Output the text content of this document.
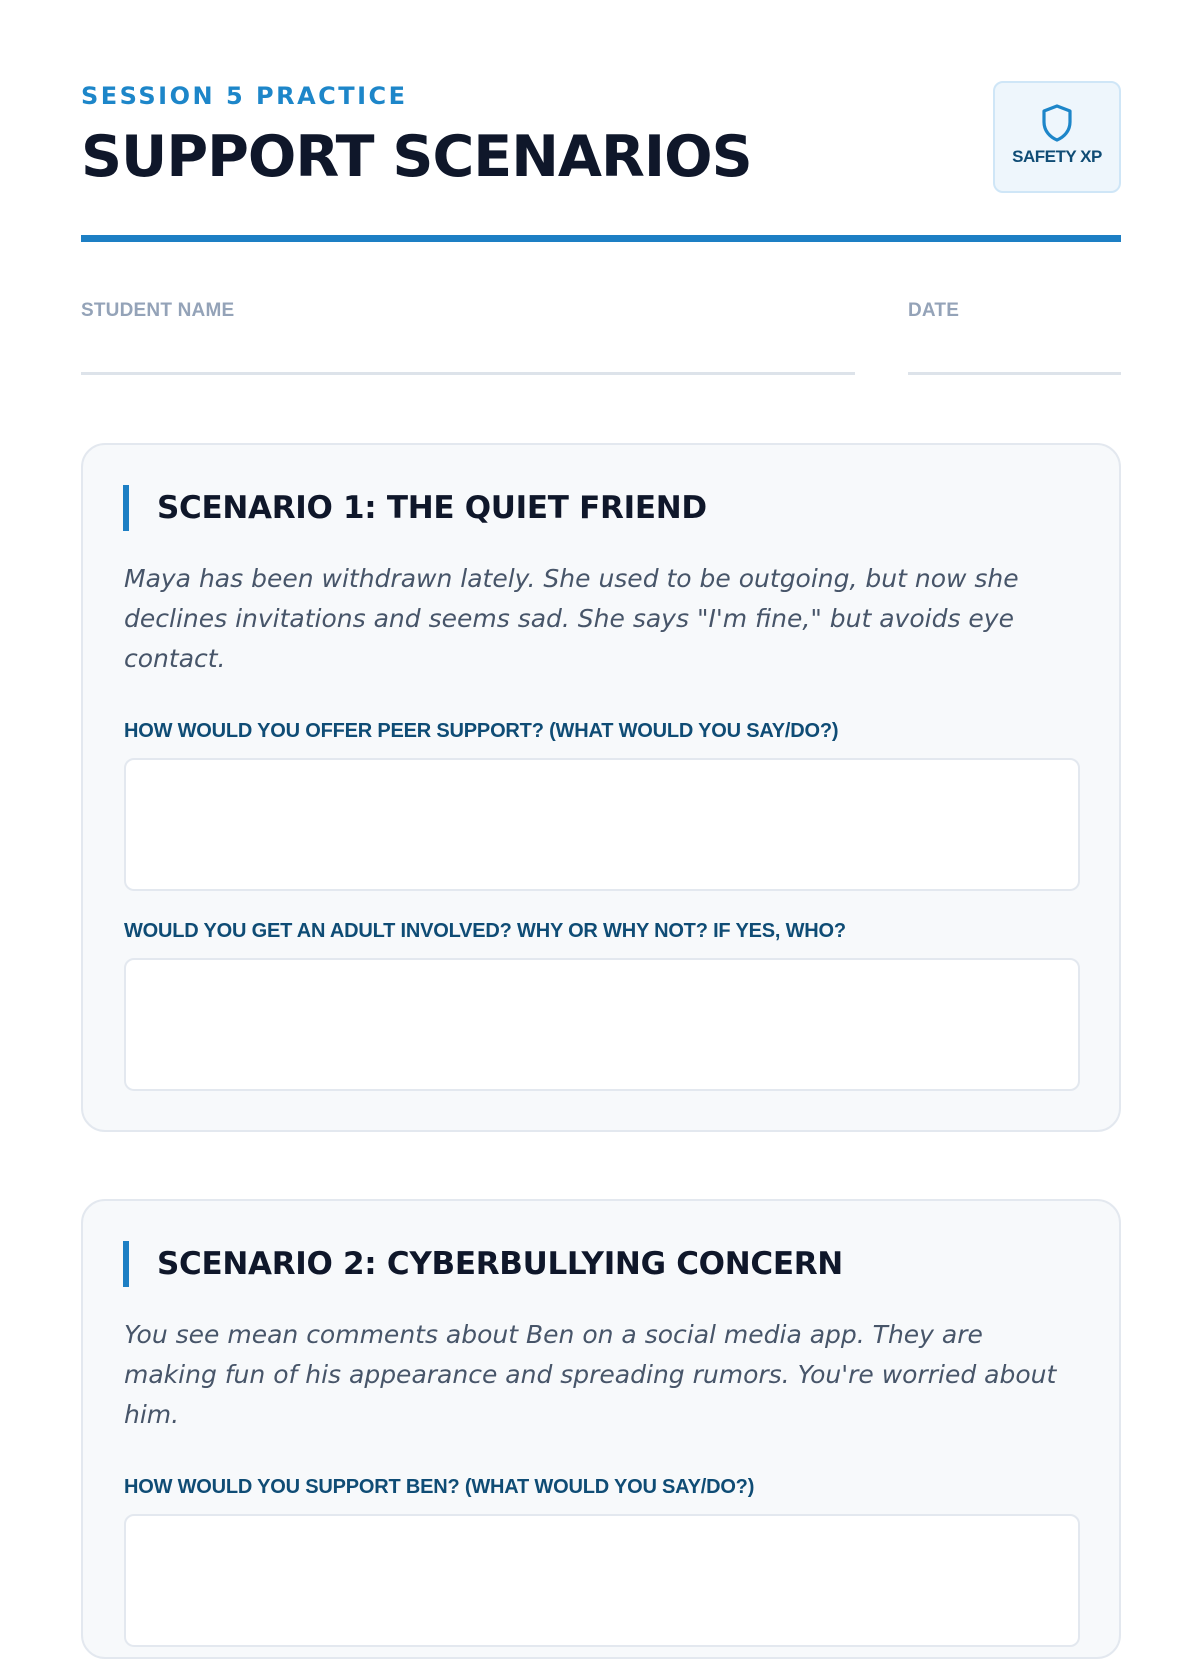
SESSION 5 PRACTICE
SUPPORT SCENARIOS	SAFETY XP
STUDENT NAME	DATE
SCENARIO 1: THE QUIET FRIEND
Maya has been withdrawn lately. She used to be outgoing, but now she declines invitations and seems sad. She says "I'm fine," but avoids eye contact.
HOW WOULD YOU OFFER PEER SUPPORT? (WHAT WOULD YOU SAY/DO?)
WOULD YOU GET AN ADULT INVOLVED? WHY OR WHY NOT? IF YES, WHO?
SCENARIO 2: CYBERBULLYING CONCERN
You see mean comments about Ben on a social media app. They are making fun of his appearance and spreading rumors. You're worried about him.
HOW WOULD YOU SUPPORT BEN? (WHAT WOULD YOU SAY/DO?)
